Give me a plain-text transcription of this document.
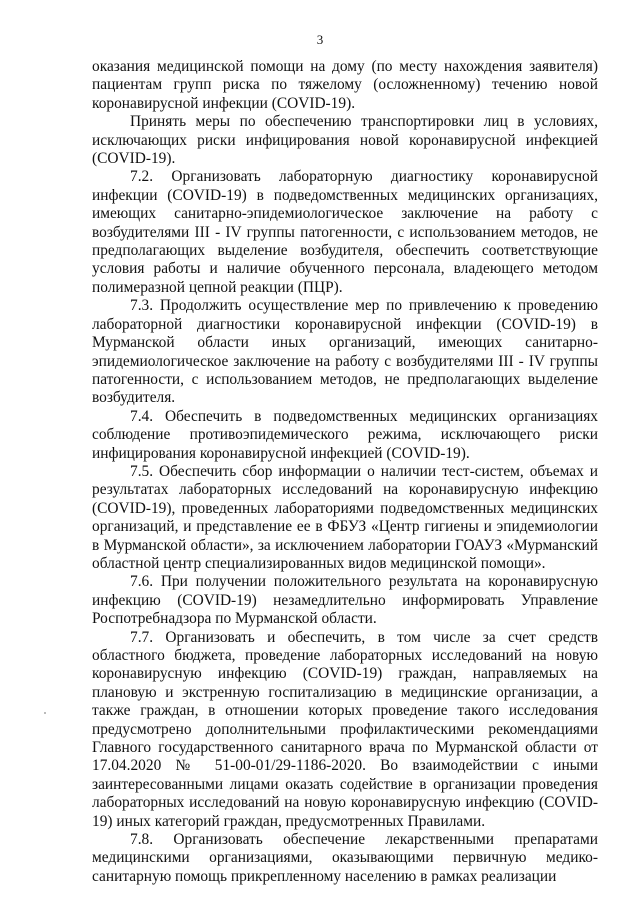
3

оказания медицинской помощи на дому (по месту нахождения заявителя) пациентам групп риска по тяжелому (осложненному) течению новой коронавирусной инфекции (COVID-19).

Принять меры по обеспечению транспортировки лиц в условиях, исключающих риски инфицирования новой коронавирусной инфекцией (COVID-19).

7.2. Организовать лабораторную диагностику коронавирусной инфекции (COVID-19) в подведомственных медицинских организациях, имеющих санитарно-эпидемиологическое заключение на работу с возбудителями III - IV группы патогенности, с использованием методов, не предполагающих выделение возбудителя, обеспечить соответствующие условия работы и наличие обученного персонала, владеющего методом полимеразной цепной реакции (ПЦР).

7.3. Продолжить осуществление мер по привлечению к проведению лабораторной диагностики коронавирусной инфекции (COVID-19) в Мурманской области иных организаций, имеющих санитарно-эпидемиологическое заключение на работу с возбудителями III - IV группы патогенности, с использованием методов, не предполагающих выделение возбудителя.

7.4. Обеспечить в подведомственных медицинских организациях соблюдение противоэпидемического режима, исключающего риски инфицирования коронавирусной инфекцией (COVID-19).

7.5. Обеспечить сбор информации о наличии тест-систем, объемах и результатах лабораторных исследований на коронавирусную инфекцию (COVID-19), проведенных лабораториями подведомственных медицинских организаций, и представление ее в ФБУЗ «Центр гигиены и эпидемиологии в Мурманской области», за исключением лаборатории ГОАУЗ «Мурманский областной центр специализированных видов медицинской помощи».

7.6. При получении положительного результата на коронавирусную инфекцию (COVID-19) незамедлительно информировать Управление Роспотребнадзора по Мурманской области.

7.7. Организовать и обеспечить, в том числе за счет средств областного бюджета, проведение лабораторных исследований на новую коронавирусную инфекцию (COVID-19) граждан, направляемых на плановую и экстренную госпитализацию в медицинские организации, а также граждан, в отношении которых проведение такого исследования предусмотрено дополнительными профилактическими рекомендациями Главного государственного санитарного врача по Мурманской области от 17.04.2020 № 51-00-01/29-1186-2020. Во взаимодействии с иными заинтересованными лицами оказать содействие в организации проведения лабораторных исследований на новую коронавирусную инфекцию (COVID-19) иных категорий граждан, предусмотренных Правилами.

7.8. Организовать обеспечение лекарственными препаратами медицинскими организациями, оказывающими первичную медико-санитарную помощь прикрепленному населению в рамках реализации
